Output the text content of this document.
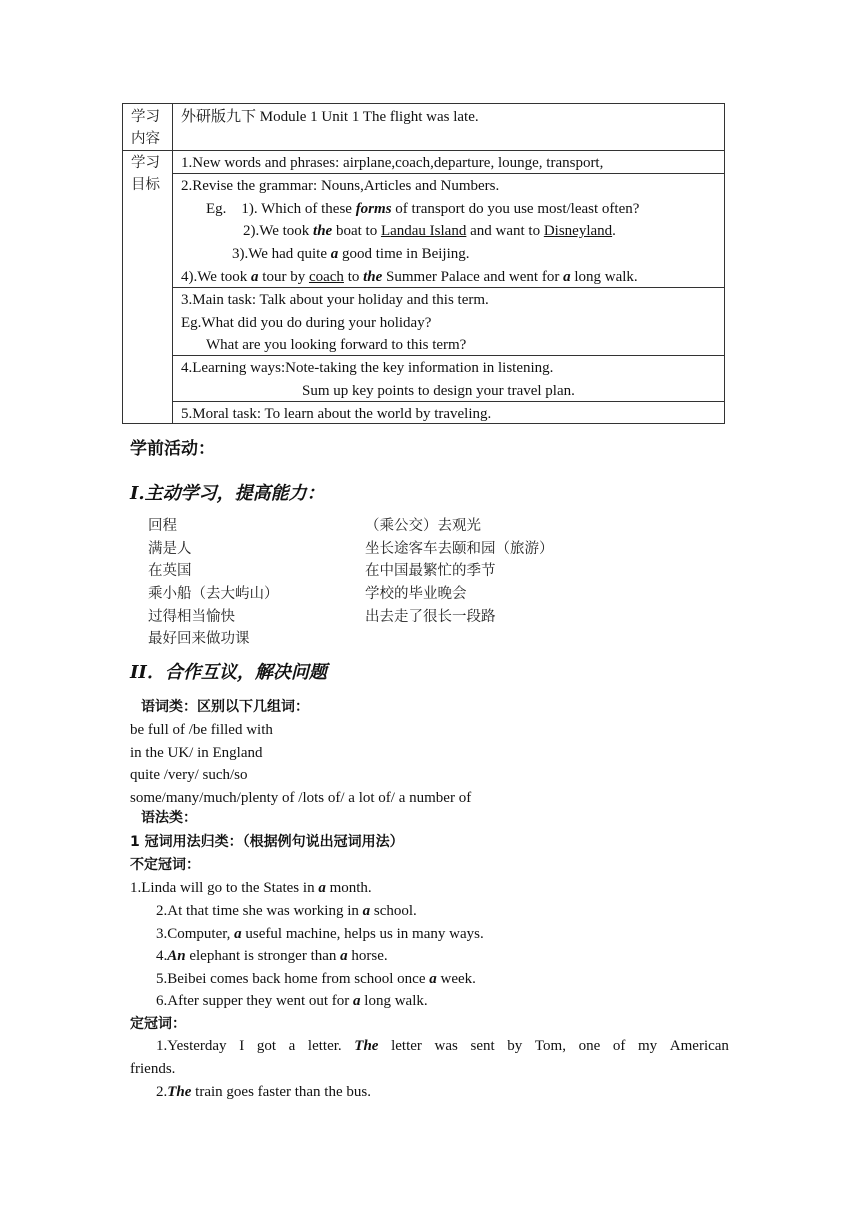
学习
内容
外研版九下 Module 1 Unit 1 The flight was late.
学习
目标
1.New words and phrases: airplane,coach,departure, lounge, transport,
2.Revise the grammar: Nouns,Articles and Numbers.
Eg.    1). Which of these forms of transport do you use most/least often?
2).We took the boat to Landau Island and want to Disneyland.
3).We had quite a good time in Beijing.
4).We took a tour by coach to the Summer Palace and went for a long walk.
3.Main task: Talk about your holiday and this term.
Eg.What did you do during your holiday?
What are you looking forward to this term?
4.Learning ways:Note-taking the key information in listening.
Sum up key points to design your travel plan.
5.Moral task: To learn about the world by traveling.
学前活动：
I.主动学习，提高能力：
回程
满是人
在英国
乘小船（去大屿山）
过得相当愉快
最好回来做功课
（乘公交）去观光
坐长途客车去颐和园（旅游）
在中国最繁忙的季节
学校的毕业晚会
出去走了很长一段路
II．合作互议，解决问题
语词类：区别以下几组词：
be full of /be filled with
in the UK/ in England
quite /very/ such/so
some/many/much/plenty of /lots of/ a lot of/ a number of
语法类：
1 冠词用法归类：（根据例句说出冠词用法）
不定冠词：
1.Linda will go to the States in a month.
2.At that time she was working in a school.
3.Computer, a useful machine, helps us in many ways.
4.An elephant is stronger than a horse.
5.Beibei comes back home from school once a week.
6.After supper they went out for a long walk.
定冠词：
1.Yesterday I got a letter. The letter was sent by Tom, one of my American
friends.
2.The train goes faster than the bus.
